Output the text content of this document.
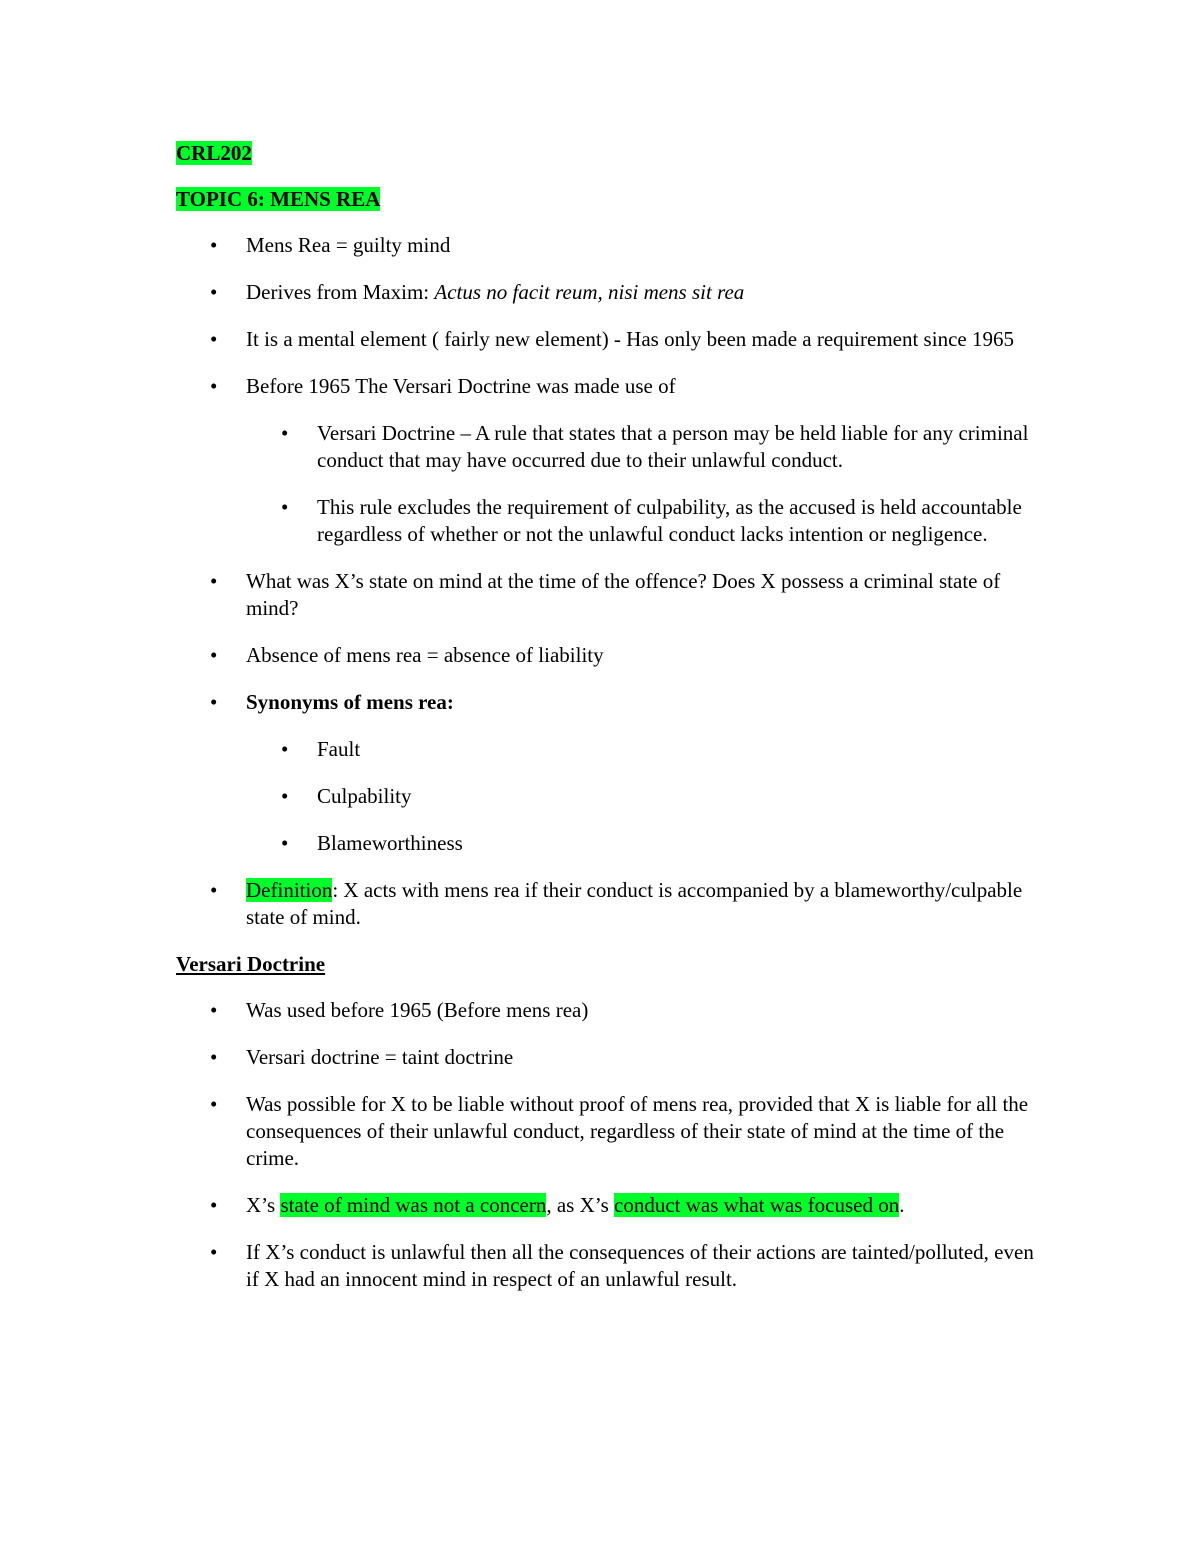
CRL202

TOPIC 6: MENS REA

• Mens Rea = guilty mind
• Derives from Maxim: Actus no facit reum, nisi mens sit rea
• It is a mental element ( fairly new element) - Has only been made a requirement since 1965
• Before 1965 The Versari Doctrine was made use of
• Versari Doctrine – A rule that states that a person may be held liable for any criminal conduct that may have occurred due to their unlawful conduct.
• This rule excludes the requirement of culpability, as the accused is held accountable regardless of whether or not the unlawful conduct lacks intention or negligence.
• What was X’s state on mind at the time of the offence? Does X possess a criminal state of mind?
• Absence of mens rea = absence of liability
• Synonyms of mens rea:
• Fault
• Culpability
• Blameworthiness
• Definition: X acts with mens rea if their conduct is accompanied by a blameworthy/culpable state of mind.

Versari Doctrine

• Was used before 1965 (Before mens rea)
• Versari doctrine = taint doctrine
• Was possible for X to be liable without proof of mens rea, provided that X is liable for all the consequences of their unlawful conduct, regardless of their state of mind at the time of the crime.
• X’s state of mind was not a concern, as X’s conduct was what was focused on.
• If X’s conduct is unlawful then all the consequences of their actions are tainted/polluted, even if X had an innocent mind in respect of an unlawful result.
